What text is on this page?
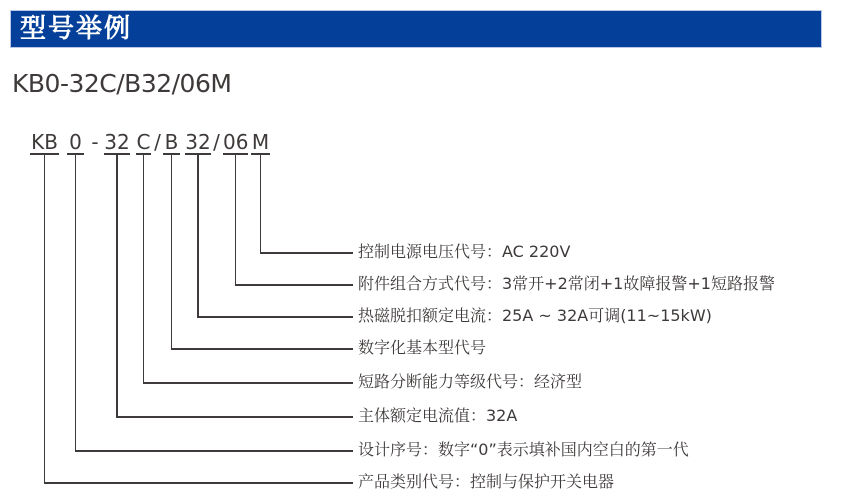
型号举例
KB0-32C/B32/06M
KB -
0 32 C / B 32 / 06 M
控制电源电压代号：AC 220V
附件组合方式代号：3常开+2常闭+1故障报警+1短路报警
热磁脱扣额定电流：25A ~ 32A可调(11~15kW)
数字化基本型代号
短路分断能力等级代号：经济型
主体额定电流值：32A
设计序号：数字“0”表示填补国内空白的第一代
产品类别代号：控制与保护开关电器
